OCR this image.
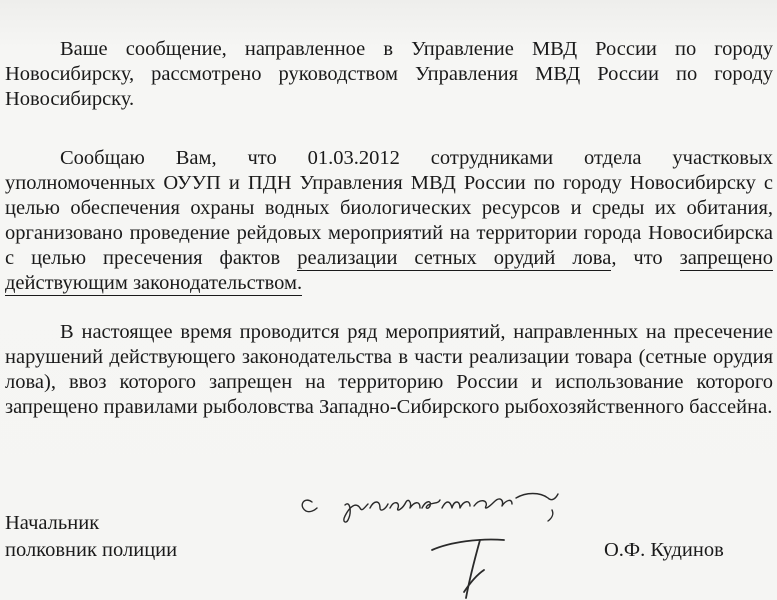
Ваше сообщение, направленное в Управление МВД России по городу Новосибирску, рассмотрено руководством Управления МВД России по городу Новосибирску.

Сообщаю Вам, что 01.03.2012 сотрудниками отдела участковых уполномоченных ОУУП и ПДН Управления МВД России по городу Новосибирску с целью обеспечения охраны водных биологических ресурсов и среды их обитания, организовано проведение рейдовых мероприятий на территории города Новосибирска с целью пресечения фактов реализации сетных орудий лова, что запрещено действующим законодательством.

В настоящее время проводится ряд мероприятий, направленных на пресечение нарушений действующего законодательства в части реализации товара (сетные орудия лова), ввоз которого запрещен на территорию России и использование которого запрещено правилами рыболовства Западно-Сибирского рыбохозяйственного бассейна.

Начальник
полковник полиции	О.Ф. Кудинов
